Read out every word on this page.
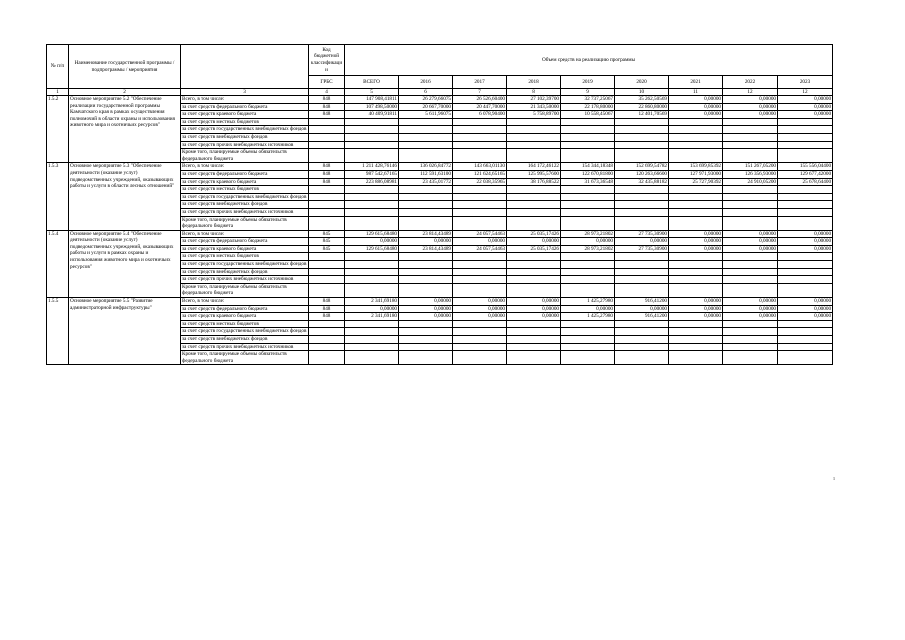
№ п/п	Наименование государственной программы / подпрограммы / мероприятия		Код бюджетной классификаци и	Объем средств на реализацию программы								
			ГРБС	ВСЕГО	2016	2017	2018	2019	2020	2021	2022	2023
1	2	3	4	5	6	7	8	9	10	11	12	12
1.5.2	Основное мероприятие 5.2 "Обеспечение реализации государственной программы Камчатского края в рамках осуществления полномочий в области охраны и использования животного мира и охотничьих ресурсов"	Всего, в том числе:	848	147 908,41811	26 279,66075	26 526,60400	27 102,39700	32 737,25067	35 262,50569	0,00000	0,00000	0,00000
		за счет средств федерального бюджета	848	107 498,50000	20 667,70000	20 447,70000	21 343,50000	22 178,80000	22 860,80000	0,00000	0,00000	0,00000
		за счет средств краевого бюджета	848	40 409,91811	5 611,96075	6 078,90400	5 758,89700	10 558,45067	12 401,70569	0,00000	0,00000	0,00000
		за счет средств местных бюджетов										
		за счет средств государственных внебюджетных фондов										
		за счет средств внебюджетных фондов										
		за счет средств прочих внебюджетных источников										
		Кроме того, планируемые объемы обязательств федерального бюджета										
1.5.3	Основное мероприятие 5.3 "Обеспечение деятельности (оказание услуг) подведомственных учреждений, оказывающих работы и услуги в области лесных отношений"	Всего, в том числе:	848	1 211 428,76146	136 026,84772	143 663,01130	164 172,46122	154 344,18348	152 699,54782	153 699,85392	151 267,05200	155 556,04400
		за счет средств федерального бюджета	848	987 542,67165	112 591,63100	121 624,65165	125 995,57600	122 670,81800	120 263,66600	127 971,93000	126 356,93000	129 677,42000
		за счет средств краевого бюджета	848	223 886,08981	23 435,01772	22 038,35965	38 176,88522	31 673,36548	32 435,88182	25 727,90392	24 910,05200	25 678,64400
		за счет средств местных бюджетов										
		за счет средств государственных внебюджетных фондов										
		за счет средств внебюджетных фондов										
		за счет средств прочих внебюджетных источников										
		Кроме того, планируемые объемы обязательств федерального бюджета										
1.5.4	Основное мероприятие 5.4 "Обеспечение деятельности (оказание услуг) подведомственных учреждений, оказывающих работы и услуги в рамках охраны и использования животного мира и охотничьих ресурсов"	Всего, в том числе:	845	129 615,68480	23 814,43489	24 057,54463	25 035,17426	28 973,21802	27 735,30900	0,00000	0,00000	0,00000
		за счет средств федерального бюджета	845	0,00000	0,00000	0,00000	0,00000	0,00000	0,00000	0,00000	0,00000	0,00000
		за счет средств краевого бюджета	845	129 615,68480	23 814,43489	24 057,54463	25 035,17426	28 973,21802	27 735,30900	0,00000	0,00000	0,00000
		за счет средств местных бюджетов										
		за счет средств государственных внебюджетных фондов										
		за счет средств внебюджетных фондов										
		за счет средств прочих внебюджетных источников										
		Кроме того, планируемые объемы обязательств федерального бюджета										
1.5.5	Основное мероприятие 5.5 "Развитие администраторной инфраструктуры"	Всего, в том числе:	848	2 341,69180	0,00000	0,00000	0,00000	1 425,27980	916,41200	0,00000	0,00000	0,00000
		за счет средств федерального бюджета	848	0,00000	0,00000	0,00000	0,00000	0,00000	0,00000	0,00000	0,00000	0,00000
		за счет средств краевого бюджета	848	2 341,69180	0,00000	0,00000	0,00000	1 425,27980	916,41200	0,00000	0,00000	0,00000
		за счет средств местных бюджетов										
		за счет средств государственных внебюджетных фондов										
		за счет средств внебюджетных фондов										
		за счет средств прочих внебюджетных источников										
		Кроме того, планируемые объемы обязательств федерального бюджета										
1
